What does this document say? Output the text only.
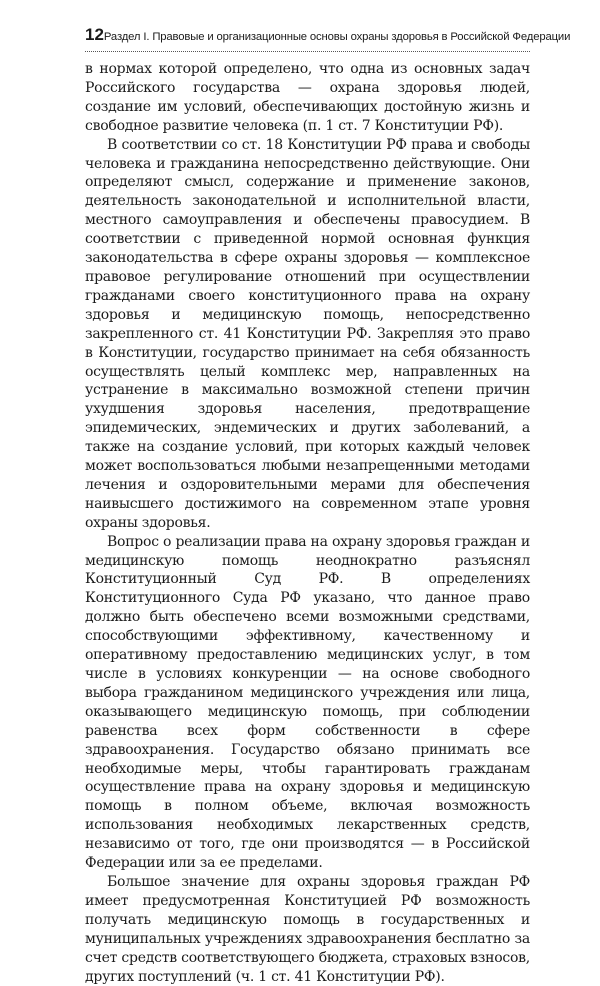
12 Раздел I. Правовые и организационные основы охраны здоровья в Российской Федерации

в нормах которой определено, что одна из основных задач Российского государства — охрана здоровья людей, создание им условий, обеспечивающих достойную жизнь и свободное развитие человека (п. 1 ст. 7 Конституции РФ).

В соответствии со ст. 18 Конституции РФ права и свободы человека и гражданина непосредственно действующие. Они определяют смысл, содержание и применение законов, деятельность законодательной и исполнительной власти, местного самоуправления и обеспечены правосудием. В соответствии с приведенной нормой основная функция законодательства в сфере охраны здоровья — комплексное правовое регулирование отношений при осуществлении гражданами своего конституционного права на охрану здоровья и медицинскую помощь, непосредственно закрепленного ст. 41 Конституции РФ. Закрепляя это право в Конституции, государство принимает на себя обязанность осуществлять целый комплекс мер, направленных на устранение в максимально возможной степени причин ухудшения здоровья населения, предотвращение эпидемических, эндемических и других заболеваний, а также на создание условий, при которых каждый человек может воспользоваться любыми незапрещенными методами лечения и оздоровительными мерами для обеспечения наивысшего достижимого на современном этапе уровня охраны здоровья.

Вопрос о реализации права на охрану здоровья граждан и медицинскую помощь неоднократно разъяснял Конституционный Суд РФ. В определениях Конституционного Суда РФ указано, что данное право должно быть обеспечено всеми возможными средствами, способствующими эффективному, качественному и оперативному предоставлению медицинских услуг, в том числе в условиях конкуренции — на основе свободного выбора гражданином медицинского учреждения или лица, оказывающего медицинскую помощь, при соблюдении равенства всех форм собственности в сфере здравоохранения. Государство обязано принимать все необходимые меры, чтобы гарантировать гражданам осуществление права на охрану здоровья и медицинскую помощь в полном объеме, включая возможность использования необходимых лекарственных средств, независимо от того, где они производятся — в Российской Федерации или за ее пределами.

Большое значение для охраны здоровья граждан РФ имеет предусмотренная Конституцией РФ возможность получать медицинскую помощь в государственных и муниципальных учреждениях здравоохранения бесплатно за счет средств соответствующего бюджета, страховых взносов, других поступлений (ч. 1 ст. 41 Конституции РФ).
